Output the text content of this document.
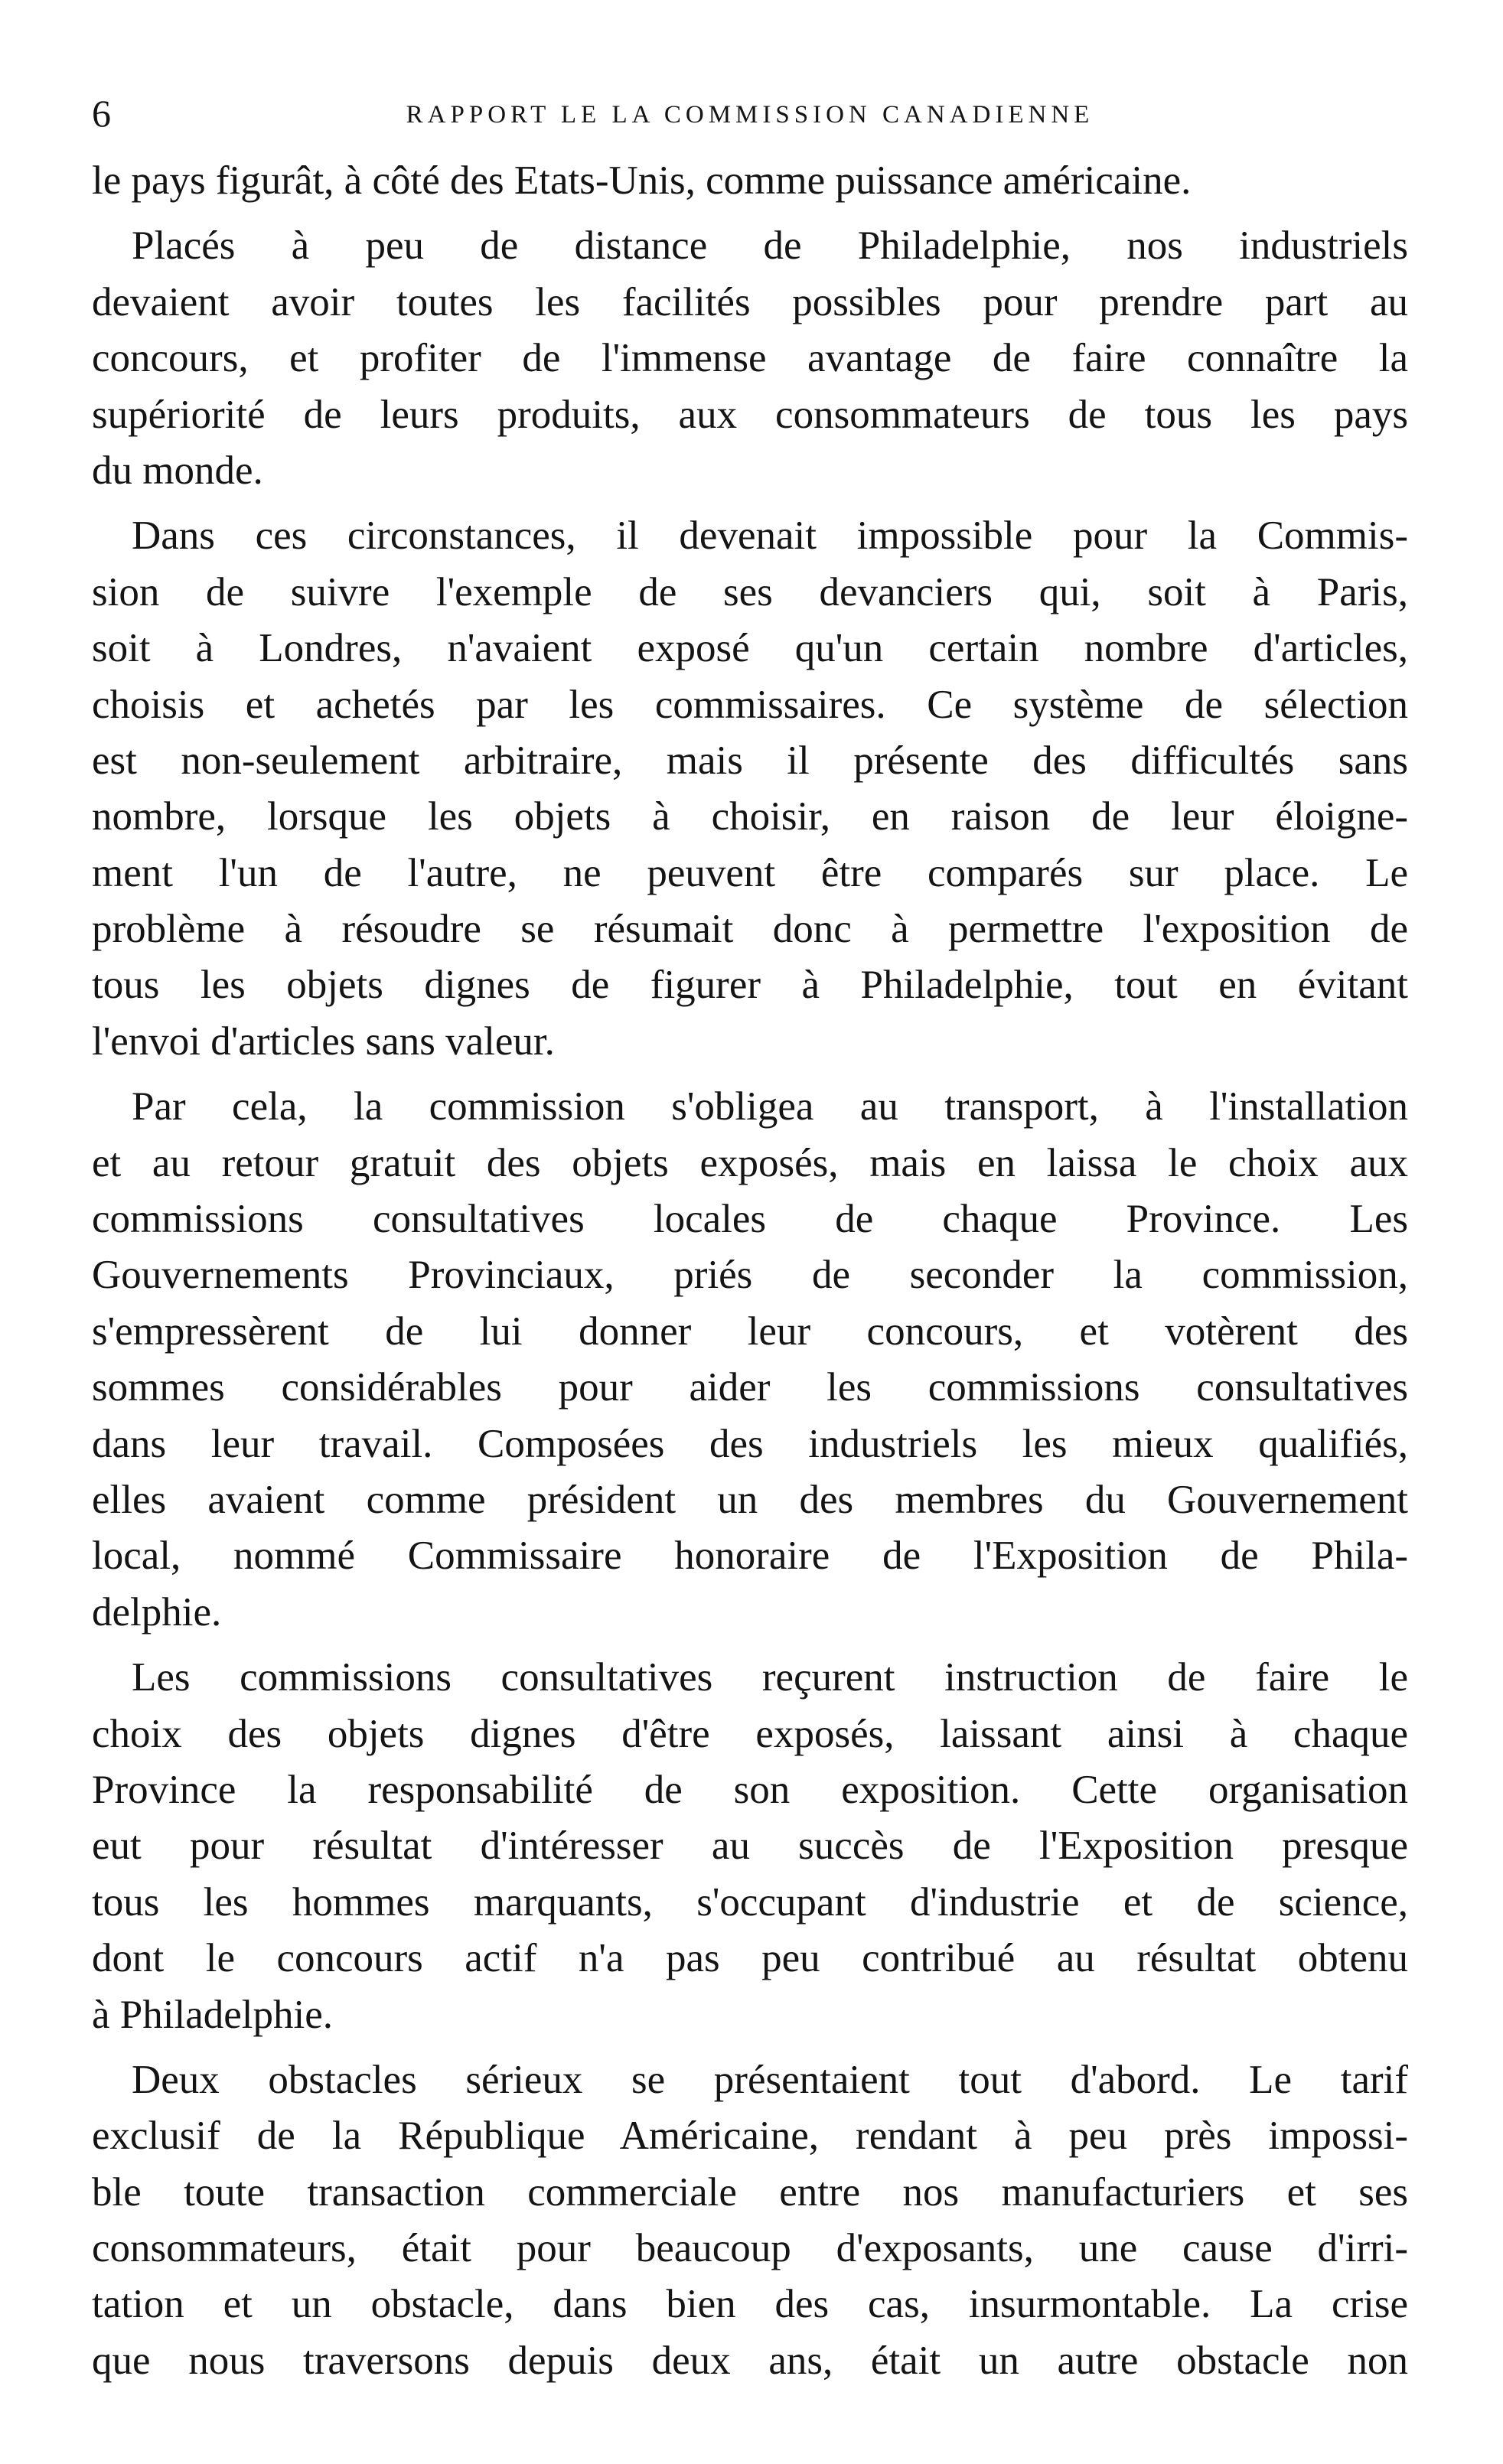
6	RAPPORT LE LA COMMISSION CANADIENNE
le pays figurât, à côté des Etats-Unis, comme puissance américaine.
Placés à peu de distance de Philadelphie, nos industriels
devaient avoir toutes les facilités possibles pour prendre part au
concours, et profiter de l'immense avantage de faire connaître la
supériorité de leurs produits, aux consommateurs de tous les pays
du monde.
Dans ces circonstances, il devenait impossible pour la Commis-
sion de suivre l'exemple de ses devanciers qui, soit à Paris,
soit à Londres, n'avaient exposé qu'un certain nombre d'articles,
choisis et achetés par les commissaires. Ce système de sélection
est non-seulement arbitraire, mais il présente des difficultés sans
nombre, lorsque les objets à choisir, en raison de leur éloigne-
ment l'un de l'autre, ne peuvent être comparés sur place. Le
problème à résoudre se résumait donc à permettre l'exposition de
tous les objets dignes de figurer à Philadelphie, tout en évitant
l'envoi d'articles sans valeur.
Par cela, la commission s'obligea au transport, à l'installation
et au retour gratuit des objets exposés, mais en laissa le choix aux
commissions consultatives locales de chaque Province. Les
Gouvernements Provinciaux, priés de seconder la commission,
s'empressèrent de lui donner leur concours, et votèrent des
sommes considérables pour aider les commissions consultatives
dans leur travail. Composées des industriels les mieux qualifiés,
elles avaient comme président un des membres du Gouvernement
local, nommé Commissaire honoraire de l'Exposition de Phila-
delphie.
Les commissions consultatives reçurent instruction de faire le
choix des objets dignes d'être exposés, laissant ainsi à chaque
Province la responsabilité de son exposition. Cette organisation
eut pour résultat d'intéresser au succès de l'Exposition presque
tous les hommes marquants, s'occupant d'industrie et de science,
dont le concours actif n'a pas peu contribué au résultat obtenu
à Philadelphie.
Deux obstacles sérieux se présentaient tout d'abord. Le tarif
exclusif de la République Américaine, rendant à peu près impossi-
ble toute transaction commerciale entre nos manufacturiers et ses
consommateurs, était pour beaucoup d'exposants, une cause d'irri-
tation et un obstacle, dans bien des cas, insurmontable. La crise
que nous traversons depuis deux ans, était un autre obstacle non
